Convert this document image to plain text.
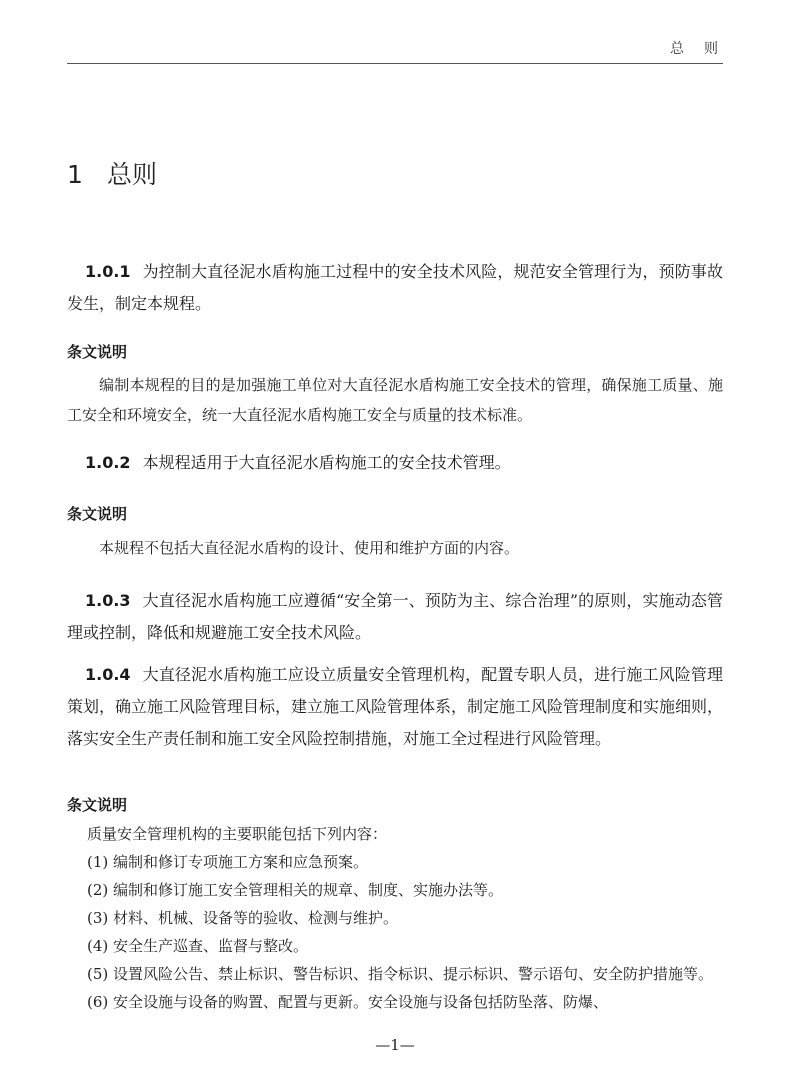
总则
1 总则

1.0.1 为控制大直径泥水盾构施工过程中的安全技术风险，规范安全管理行为，预防事故发生，制定本规程。

条文说明

编制本规程的目的是加强施工单位对大直径泥水盾构施工安全技术的管理，确保施工质量、施工安全和环境安全，统一大直径泥水盾构施工安全与质量的技术标准。

1.0.2 本规程适用于大直径泥水盾构施工的安全技术管理。

条文说明

本规程不包括大直径泥水盾构的设计、使用和维护方面的内容。

1.0.3 大直径泥水盾构施工应遵循“安全第一、预防为主、综合治理”的原则，实施动态管理或控制，降低和规避施工安全技术风险。

1.0.4 大直径泥水盾构施工应设立质量安全管理机构，配置专职人员，进行施工风险管理策划，确立施工风险管理目标，建立施工风险管理体系，制定施工风险管理制度和实施细则，落实安全生产责任制和施工安全风险控制措施，对施工全过程进行风险管理。

条文说明

质量安全管理机构的主要职能包括下列内容：
(1) 编制和修订专项施工方案和应急预案。
(2) 编制和修订施工安全管理相关的规章、制度、实施办法等。
(3) 材料、机械、设备等的验收、检测与维护。
(4) 安全生产巡查、监督与整改。
(5) 设置风险公告、禁止标识、警告标识、指令标识、提示标识、警示语句、安全防护措施等。
(6) 安全设施与设备的购置、配置与更新。安全设施与设备包括防坠落、防爆、
—1—
